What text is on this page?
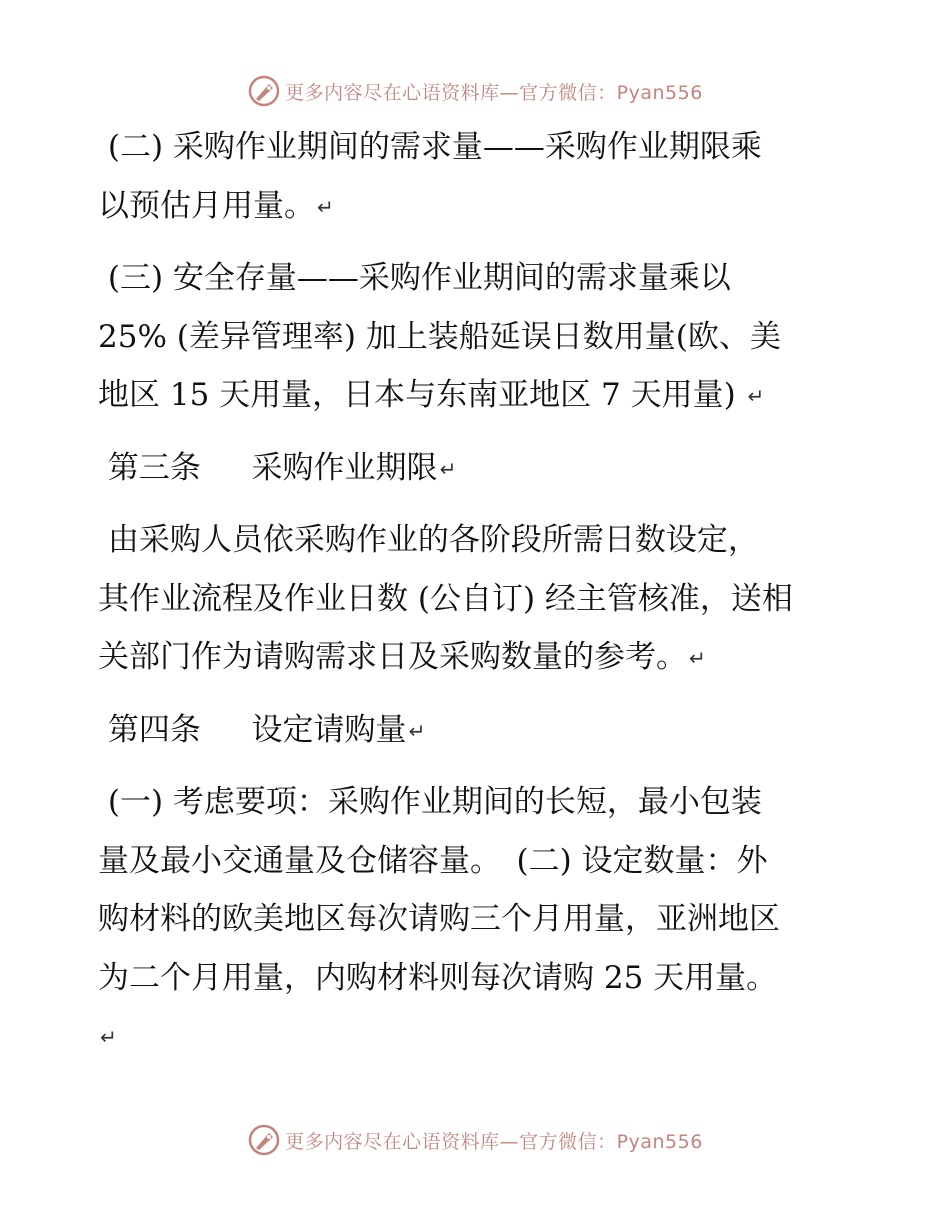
更多内容尽在心语资料库—官方微信：Pyan556
(二) 采购作业期间的需求量——采购作业期限乘
以预估月用量。 ↵
(三) 安全存量——采购作业期间的需求量乘以
25% (差异管理率) 加上装船延误日数用量(欧、美
地区 15 天用量，日本与东南亚地区 7 天用量) ↵
第三条　  采购作业期限 ↵
由采购人员依采购作业的各阶段所需日数设定，
其作业流程及作业日数 (公自订) 经主管核准，送相
关部门作为请购需求日及采购数量的参考。 ↵
第四条　  设定请购量 ↵
(一) 考虑要项：采购作业期间的长短，最小包装
量及最小交通量及仓储容量。　(二) 设定数量：外
购材料的欧美地区每次请购三个月用量，亚洲地区
为二个月用量，内购材料则每次请购 25 天用量。
↵
更多内容尽在心语资料库—官方微信：Pyan556
